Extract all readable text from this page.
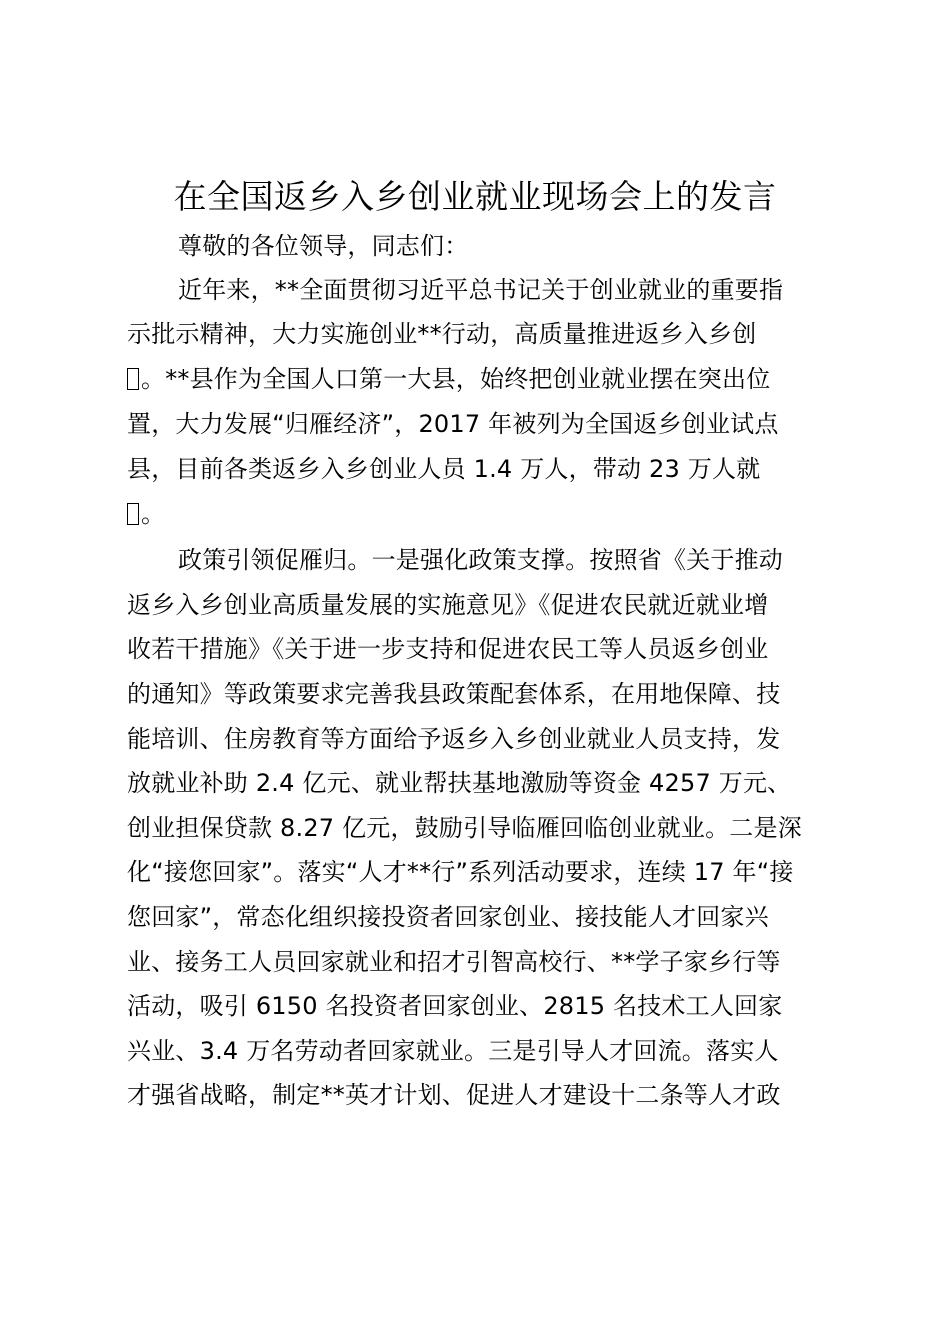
在全国返乡入乡创业就业现场会上的发言
尊敬的各位领导，同志们：
近年来，**全面贯彻习近平总书记关于创业就业的重要指
示批示精神，大力实施创业**行动，高质量推进返乡入乡创
。**县作为全国人口第一大县，始终把创业就业摆在突出位
置，大力发展“归雁经济”，2017 年被列为全国返乡创业试点
县，目前各类返乡入乡创业人员 1.4 万人，带动 23 万人就
。
政策引领促雁归。一是强化政策支撑。按照省《关于推动
返乡入乡创业高质量发展的实施意见》《促进农民就近就业增
收若干措施》《关于进一步支持和促进农民工等人员返乡创业
的通知》等政策要求完善我县政策配套体系，在用地保障、技
能培训、住房教育等方面给予返乡入乡创业就业人员支持，发
放就业补助 2.4 亿元、就业帮扶基地激励等资金 4257 万元、
创业担保贷款 8.27 亿元，鼓励引导临雁回临创业就业。二是深
化“接您回家”。落实“人才**行”系列活动要求，连续 17 年“接
您回家”，常态化组织接投资者回家创业、接技能人才回家兴
业、接务工人员回家就业和招才引智高校行、**学子家乡行等
活动，吸引 6150 名投资者回家创业、2815 名技术工人回家
兴业、3.4 万名劳动者回家就业。三是引导人才回流。落实人
才强省战略，制定**英才计划、促进人才建设十二条等人才政
